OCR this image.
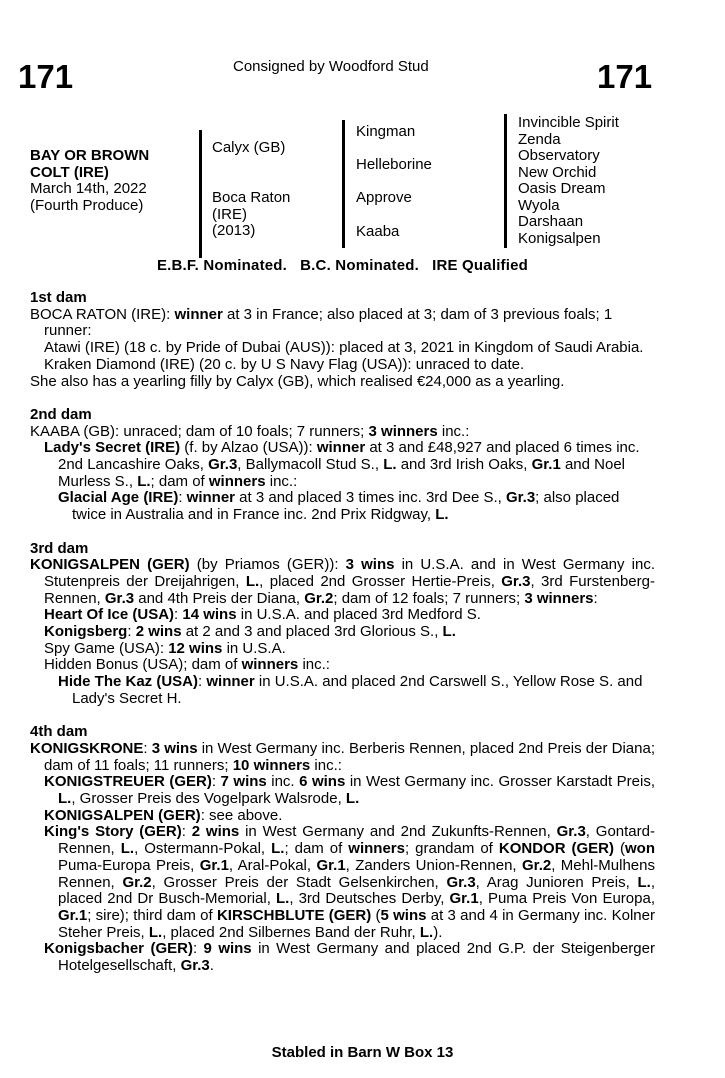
171	Consigned by Woodford Stud	171
BAY OR BROWN
COLT (IRE)
March 14th, 2022
(Fourth Produce)
Calyx (GB)
Boca Raton
(IRE)
(2013)
Kingman
Helleborine
Approve
Kaaba
Invincible Spirit
Zenda
Observatory
New Orchid
Oasis Dream
Wyola
Darshaan
Konigsalpen
E.B.F. Nominated.   B.C. Nominated.   IRE Qualified

1st dam

BOCA RATON (IRE): winner at 3 in France; also placed at 3; dam of 3 previous foals; 1 runner:

Atawi (IRE) (18 c. by Pride of Dubai (AUS)): placed at 3, 2021 in Kingdom of Saudi Arabia.

Kraken Diamond (IRE) (20 c. by U S Navy Flag (USA)): unraced to date.

She also has a yearling filly by Calyx (GB), which realised €24,000 as a yearling.

2nd dam

KAABA (GB): unraced; dam of 10 foals; 7 runners; 3 winners inc.:

Lady's Secret (IRE) (f. by Alzao (USA)): winner at 3 and £48,927 and placed 6 times inc. 2nd Lancashire Oaks, Gr.3, Ballymacoll Stud S., L. and 3rd Irish Oaks, Gr.1 and Noel Murless S., L.; dam of winners inc.:

Glacial Age (IRE): winner at 3 and placed 3 times inc. 3rd Dee S., Gr.3; also placed twice in Australia and in France inc. 2nd Prix Ridgway, L.

3rd dam

KONIGSALPEN (GER) (by Priamos (GER)): 3 wins in U.S.A. and in West Germany inc. Stutenpreis der Dreijahrigen, L., placed 2nd Grosser Hertie-Preis, Gr.3, 3rd Furstenberg-Rennen, Gr.3 and 4th Preis der Diana, Gr.2; dam of 12 foals; 7 runners; 3 winners:

Heart Of Ice (USA): 14 wins in U.S.A. and placed 3rd Medford S.

Konigsberg: 2 wins at 2 and 3 and placed 3rd Glorious S., L.

Spy Game (USA): 12 wins in U.S.A.

Hidden Bonus (USA); dam of winners inc.:

Hide The Kaz (USA): winner in U.S.A. and placed 2nd Carswell S., Yellow Rose S. and Lady's Secret H.

4th dam

KONIGSKRONE: 3 wins in West Germany inc. Berberis Rennen, placed 2nd Preis der Diana; dam of 11 foals; 11 runners; 10 winners inc.:

KONIGSTREUER (GER): 7 wins inc. 6 wins in West Germany inc. Grosser Karstadt Preis, L., Grosser Preis des Vogelpark Walsrode, L.

KONIGSALPEN (GER): see above.

King's Story (GER): 2 wins in West Germany and 2nd Zukunfts-Rennen, Gr.3, Gontard-Rennen, L., Ostermann-Pokal, L.; dam of winners; grandam of KONDOR (GER) (won Puma-Europa Preis, Gr.1, Aral-Pokal, Gr.1, Zanders Union-Rennen, Gr.2, Mehl-Mulhens Rennen, Gr.2, Grosser Preis der Stadt Gelsenkirchen, Gr.3, Arag Junioren Preis, L., placed 2nd Dr Busch-Memorial, L., 3rd Deutsches Derby, Gr.1, Puma Preis Von Europa, Gr.1; sire); third dam of KIRSCHBLUTE (GER) (5 wins at 3 and 4 in Germany inc. Kolner Steher Preis, L., placed 2nd Silbernes Band der Ruhr, L.).

Konigsbacher (GER): 9 wins in West Germany and placed 2nd G.P. der Steigenberger Hotelgesellschaft, Gr.3.

Stabled in Barn W Box 13
